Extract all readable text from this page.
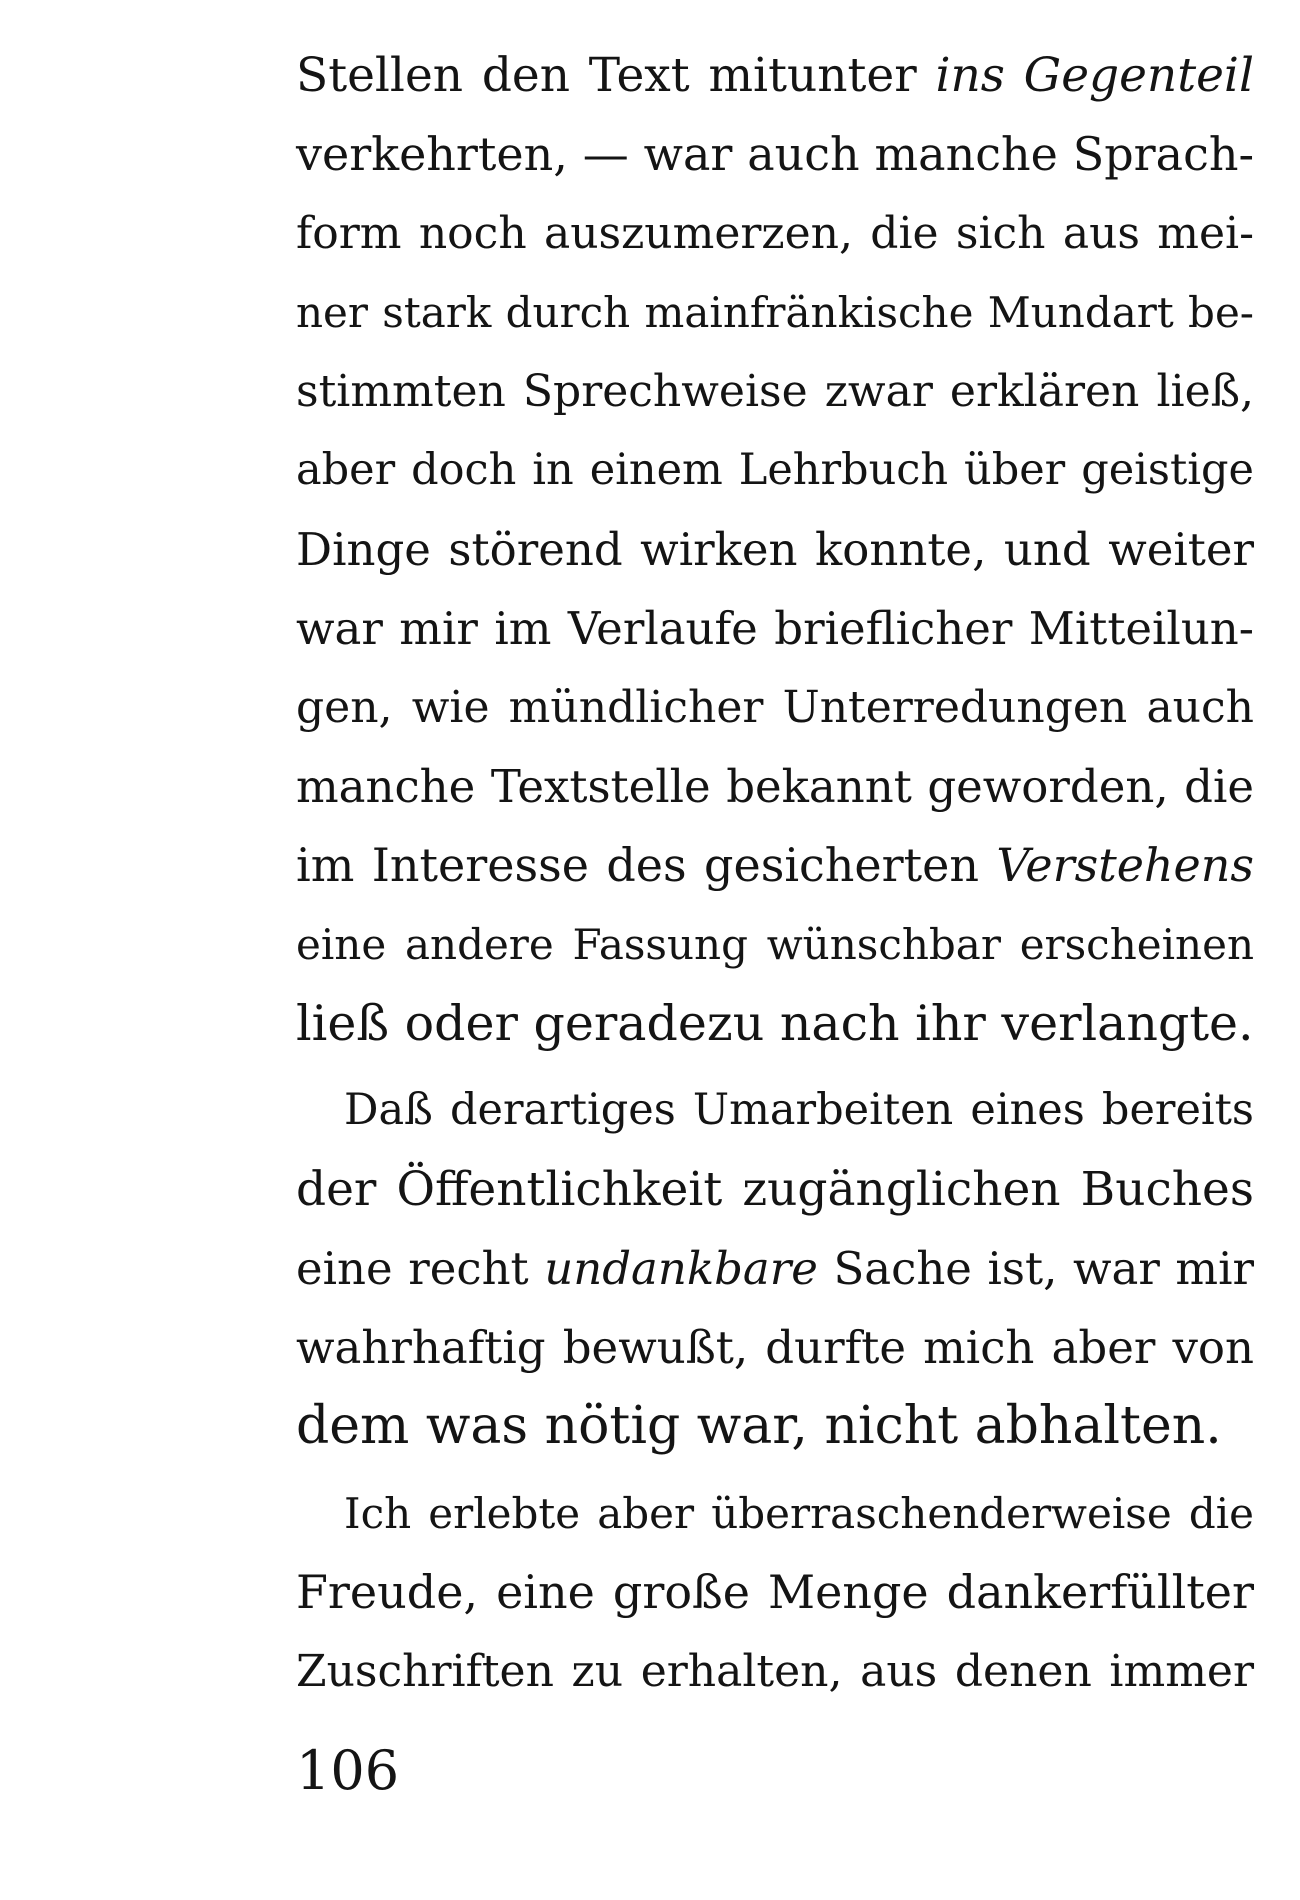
Stellen den Text mitunter ins Gegenteil
verkehrten, — war auch manche Sprach-
form noch auszumerzen, die sich aus mei-
ner stark durch mainfränkische Mundart be-
stimmten Sprechweise zwar erklären ließ,
aber doch in einem Lehrbuch über geistige
Dinge störend wirken konnte, und weiter
war mir im Verlaufe brieflicher Mitteilun-
gen, wie mündlicher Unterredungen auch
manche Textstelle bekannt geworden, die
im Interesse des gesicherten Verstehens
eine andere Fassung wünschbar erscheinen
ließ oder geradezu nach ihr verlangte.
Daß derartiges Umarbeiten eines bereits
der Öffentlichkeit zugänglichen Buches
eine recht undankbare Sache ist, war mir
wahrhaftig bewußt, durfte mich aber von
dem was nötig war, nicht abhalten.
Ich erlebte aber überraschenderweise die
Freude, eine große Menge dankerfüllter
Zuschriften zu erhalten, aus denen immer
106
